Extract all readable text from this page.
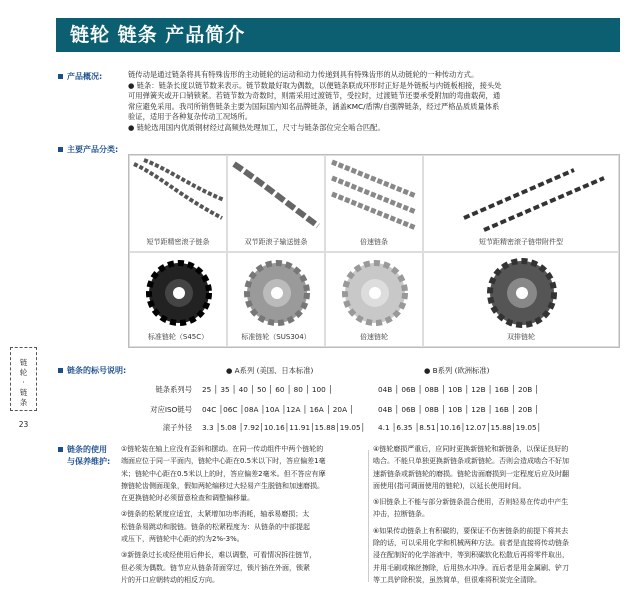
链轮 链条 产品简介
产品概况:	链传动是通过链条将具有特殊齿形的主动链轮的运动和动力传递到具有特殊齿形的从动链轮的一种传动方式。
● 链条：链条长度以链节数来表示。链节数最好取为偶数，以便链条联成环形时正好是外链板与内链板相接，接头处
可用弹簧夹或开口销锁紧。若链节数为奇数时，则需采用过渡链节，受拉时，过渡链节还要承受附加的弯曲载荷，通
常应避免采用。我司所销售链条主要为国际国内知名品牌链条，涵盖KMC/盾牌/自强牌链条，经过严格品质质量体系
验证，适用于各种复杂传动工况场所。
● 链轮选用国内优质钢材经过高频热处理加工，尺寸与链条部位完全啮合匹配。
主要产品分类:
短节距精密滚子链条	双节距滚子输送链条	倍速链条	短节距精密滚子链带附件型
标准链轮（S45C）	标准链轮（SUS304）	倍速链轮	双排链轮
链
轮
·
链
条
23
链条的标号说明:	● A系列 (美国、日本标准)	● B系列 (欧洲标准)
链条系列号 25 │ 35 │ 40 │ 50 │ 60 │ 80 │ 100 │	04B │ 06B │ 08B │ 10B │ 12B │ 16B │ 20B │
对应ISO链号 04C │06C │08A │10A │12A │ 16A │ 20A │	04B │ 06B │ 08B │ 10B │ 12B │ 16B │ 20B │
滚子外径 3.3 │5.08 │7.92│10.16│11.91│15.88│19.05│ 4.1 │6.35 │8.51│10.16│12.07│15.88│19.05│
链条的使用
与保养维护:
①链轮装在轴上应没有歪斜和摆动。在同一传动组件中两个链轮的
端面应位于同一平面内，链轮中心距在0.5米以下时，答应偏差1毫
米；链轮中心距在0.5米以上的时，答应偏差2毫米。但不答应有摩
擦链轮齿侧面现象，假如两轮编移过大轻易产生脱链和加速磨损。
在更换链轮时必须留意检查和调整偏移量。
②链条的松紧度应适宜，太紧增加功率消耗，轴承易磨损；太
松链条易跳动和脱链。链条的松紧程度为：从链条的中部提起
或压下，两链轮中心距的约为2%-3%。
③新链条过长或经使用后伸长，难以调整，可看情况拆往链节，
但必须为偶数。链节应从链条背面穿过，锁片插在外面，锁紧
片的开口应朝转动的相反方向。
④链轮磨损严重后，应同时更换新链轮和新链条，以保证良好的
啮合。不能只单独更换新链条或新链轮。否则会造成啮合不好加
速新链条或新链轮的磨损。链轮齿面磨损到一定程度后应及时翻
面使用(指可调面使用的链轮)，以延长使用时间。
⑤旧链条上不能与部分新链条混合使用，否则轻易在传动中产生
冲击，拉断链条。
⑥如果传动链条上有积碳的，要保证不伤害链条的前提下将其去
除的话，可以采用化学和机械两种方法。前者是直接将传动链条
浸在配制好的化学溶液中，等到积碳软化松散后再将零件取出，
并用毛刷或棉丝擦除，后用热水冲净。而后者是用金属刷、铲刀
等工具铲除积炭，虽然简单，但很难将积炭完全清除。
